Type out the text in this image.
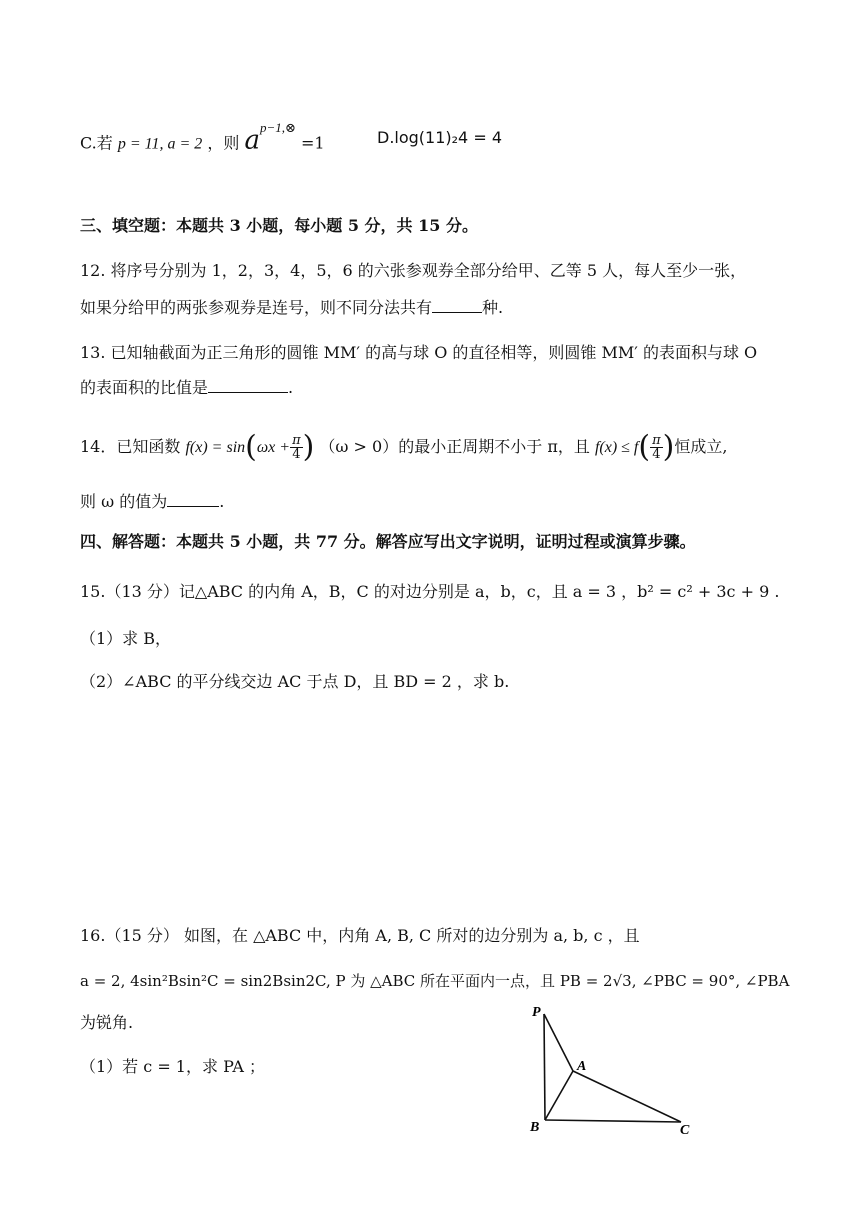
C.若 p = 11, a = 2 ，则 $a^{p-1,\otimes} =1$	D.log(11)₂4 = 4
三、填空题：本题共 3 小题，每小题 5 分，共 15 分。
12. 将序号分别为 1，2，3，4，5，6 的六张参观券全部分给甲、乙等 5 人，每人至少一张，
如果分给甲的两张参观券是连号，则不同分法共有	种.
13. 已知轴截面为正三角形的圆锥 MM′ 的高与球 O 的直径相等，则圆锥 MM′ 的表面积与球 O
的表面积的比值是	.
14．已知函数 $f(x) = \sin(\omega x + \frac{\pi}{4}$ ) （ω > 0）的最小正周期不小于 π，且 $f(x) \le f( \frac{\pi}{4}$ )恒成立,
则 ω 的值为	.
四、解答题：本题共 5 小题，共 77 分。解答应写出文字说明，证明过程或演算步骤。
15.（13 分）记△ABC 的内角 A，B，C 的对边分别是 a，b，c，且 a = 3 ，b² = c² + 3c + 9 .
（1）求 B，
（2）∠ABC 的平分线交边 AC 于点 D，且 BD = 2 ，求 b.
16.（15 分） 如图，在 △ABC 中，内角 A, B, C 所对的边分别为 a, b, c ，且
a = 2, 4sin²Bsin²C = sin2Bsin2C, P 为 △ABC 所在平面内一点，且 PB = 2√3, ∠PBC = 90°, ∠PBA
为锐角.
（1）若 c = 1，求 PA ；
P
A
B	C
